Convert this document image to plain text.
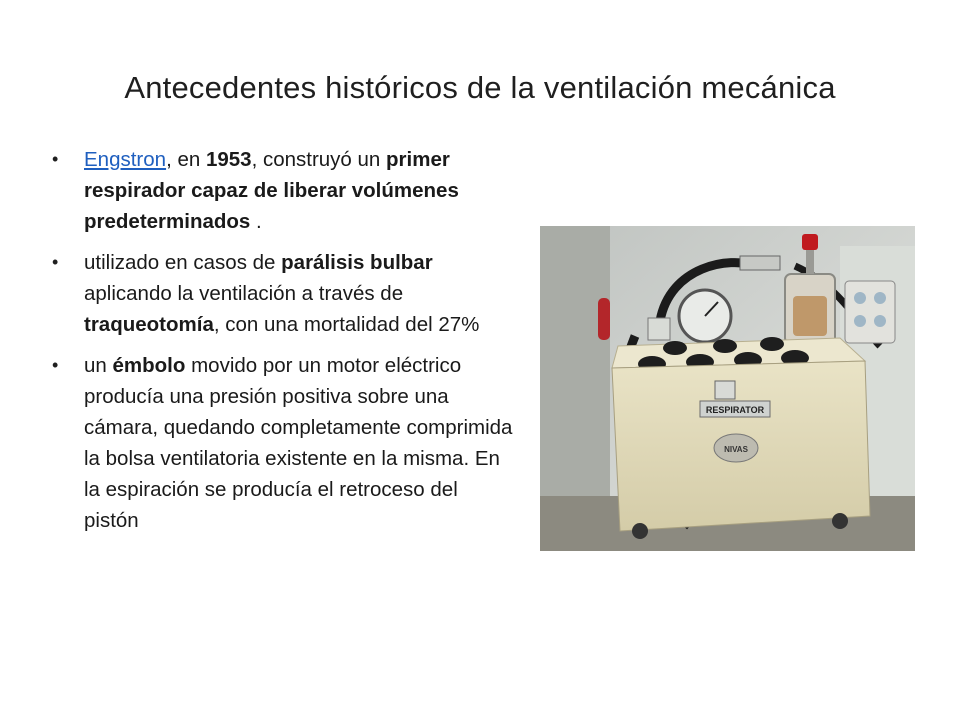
Antecedentes históricos de la ventilación mecánica
• Engstron, en 1953, construyó un primer respirador capaz de liberar volúmenes predeterminados .
• utilizado en casos de parálisis bulbar aplicando la ventilación a través de traqueotomía, con una mortalidad del 27%
• un émbolo movido por un motor eléctrico producía una presión positiva sobre una cámara, quedando completamente comprimida la bolsa ventilatoria existente en la misma. En la espiración se producía el retroceso del pistón
RESPIRATOR
NIVAS
